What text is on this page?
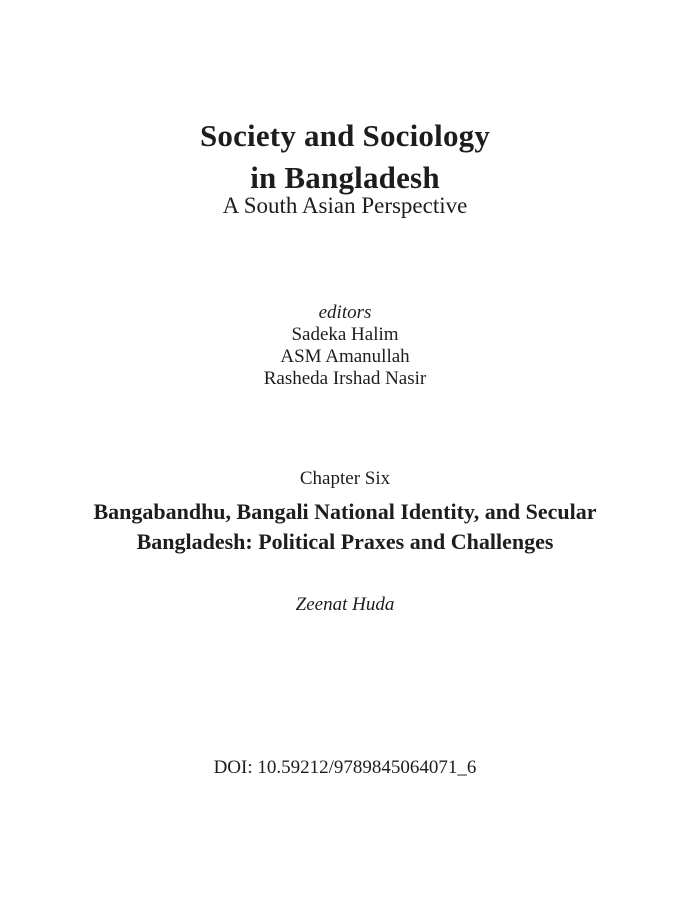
Society and Sociology
in Bangladesh
A South Asian Perspective
editors
Sadeka Halim
ASM Amanullah
Rasheda Irshad Nasir
Chapter Six
Bangabandhu, Bangali National Identity, and Secular
Bangladesh: Political Praxes and Challenges
Zeenat Huda
DOI: 10.59212/9789845064071_6
